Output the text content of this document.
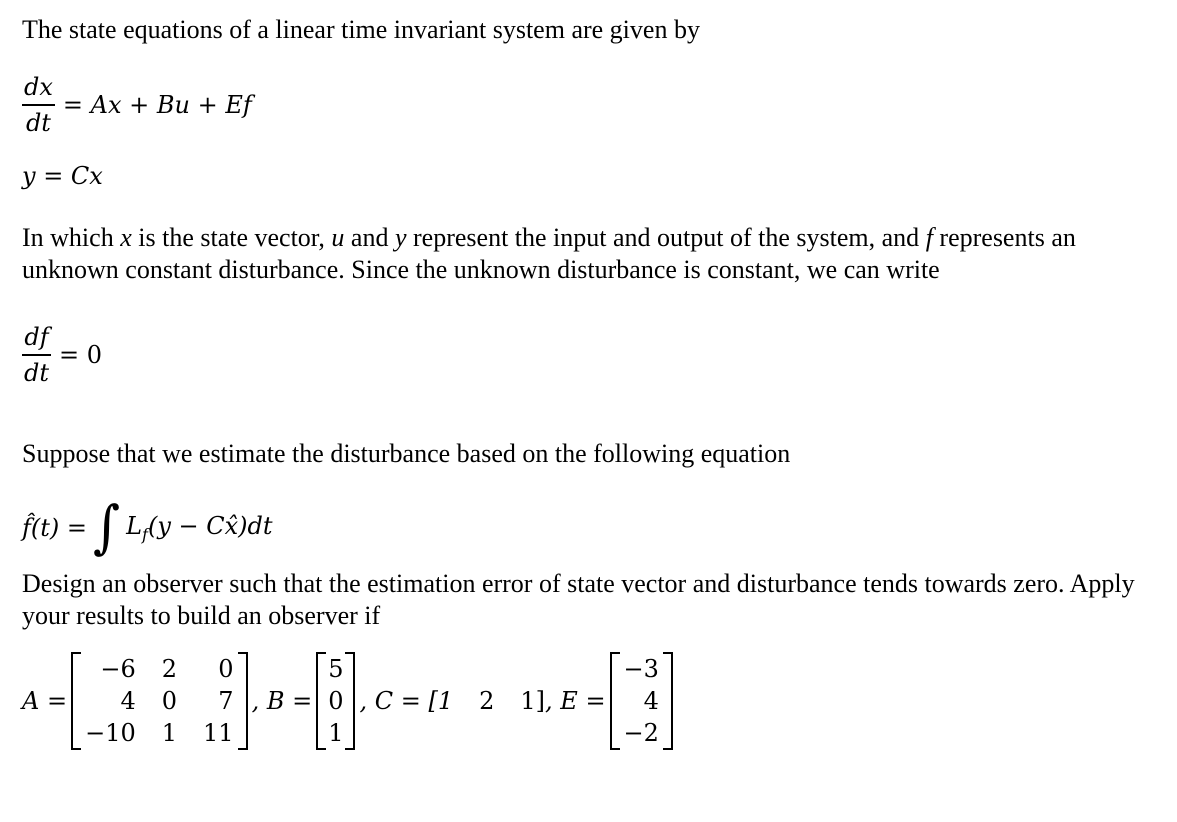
The state equations of a linear time invariant system are given by

$\frac{dx}{dt} = Ax + Bu + Ef$
y = Cx

In which x is the state vector, u and y represent the input and output of the system, and f represents an unknown constant disturbance. Since the unknown disturbance is constant, we can write

$\frac{df}{dt} = 0$

Suppose that we estimate the disturbance based on the following equation

f̂(t) = ∫ $L_f(y$ − Cx̂)dt

Design an observer such that the estimation error of state vector and disturbance tends towards zero. Apply your results to build an observer if

A =
−6 2	0
4 0	7
−10 1 11
, B =
5
0
1
, C = [1 2 1] , E =
−3
4
−2
